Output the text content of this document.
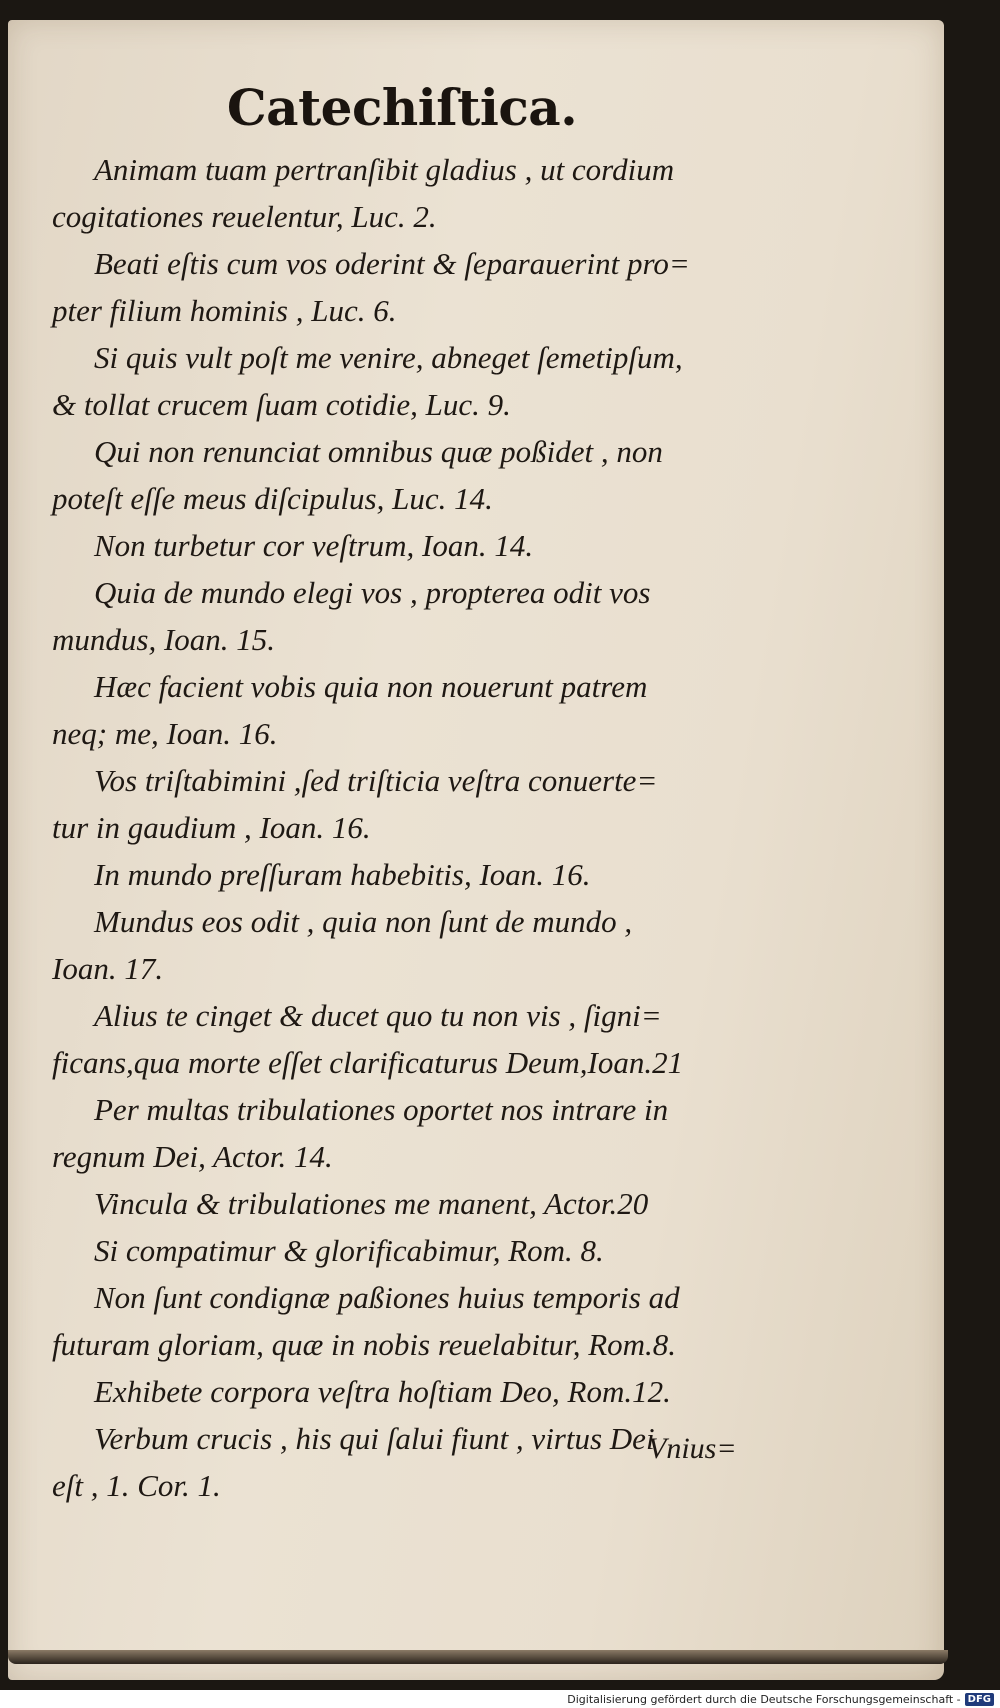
Catechiſtica.
Animam tuam pertranſibit gladius , ut cordium
cogitationes reuelentur, Luc. 2.
Beati eſtis cum vos oderint & ſeparauerint pro=
pter filium hominis , Luc. 6.
Si quis vult poſt me venire, abneget ſemetipſum,
& tollat crucem ſuam cotidie, Luc. 9.
Qui non renunciat omnibus quæ poßidet , non
poteſt eſſe meus diſcipulus, Luc. 14.
Non turbetur cor veſtrum, Ioan. 14.
Quia de mundo elegi vos , propterea odit vos
mundus, Ioan. 15.
Hæc facient vobis quia non nouerunt patrem
neq; me, Ioan. 16.
Vos triſtabimini ,ſed triſticia veſtra conuerte=
tur in gaudium , Ioan. 16.
In mundo preſſuram habebitis, Ioan. 16.
Mundus eos odit , quia non ſunt de mundo ,
Ioan. 17.
Alius te cinget & ducet quo tu non vis , ſigni=
ficans,qua morte eſſet clarificaturus Deum,Ioan.21
Per multas tribulationes oportet nos intrare in
regnum Dei, Actor. 14.
Vincula & tribulationes me manent, Actor.20
Si compatimur & glorificabimur, Rom. 8.
Non ſunt condignæ paßiones huius temporis ad
futuram gloriam, quæ in nobis reuelabitur, Rom.8.
Exhibete corpora veſtra hoſtiam Deo, Rom.12.
Verbum crucis , his qui ſalui fiunt , virtus Dei
eſt , 1. Cor. 1.
Vnius=
Digitalisierung gefördert durch die Deutsche Forschungsgemeinschaft - DFG
